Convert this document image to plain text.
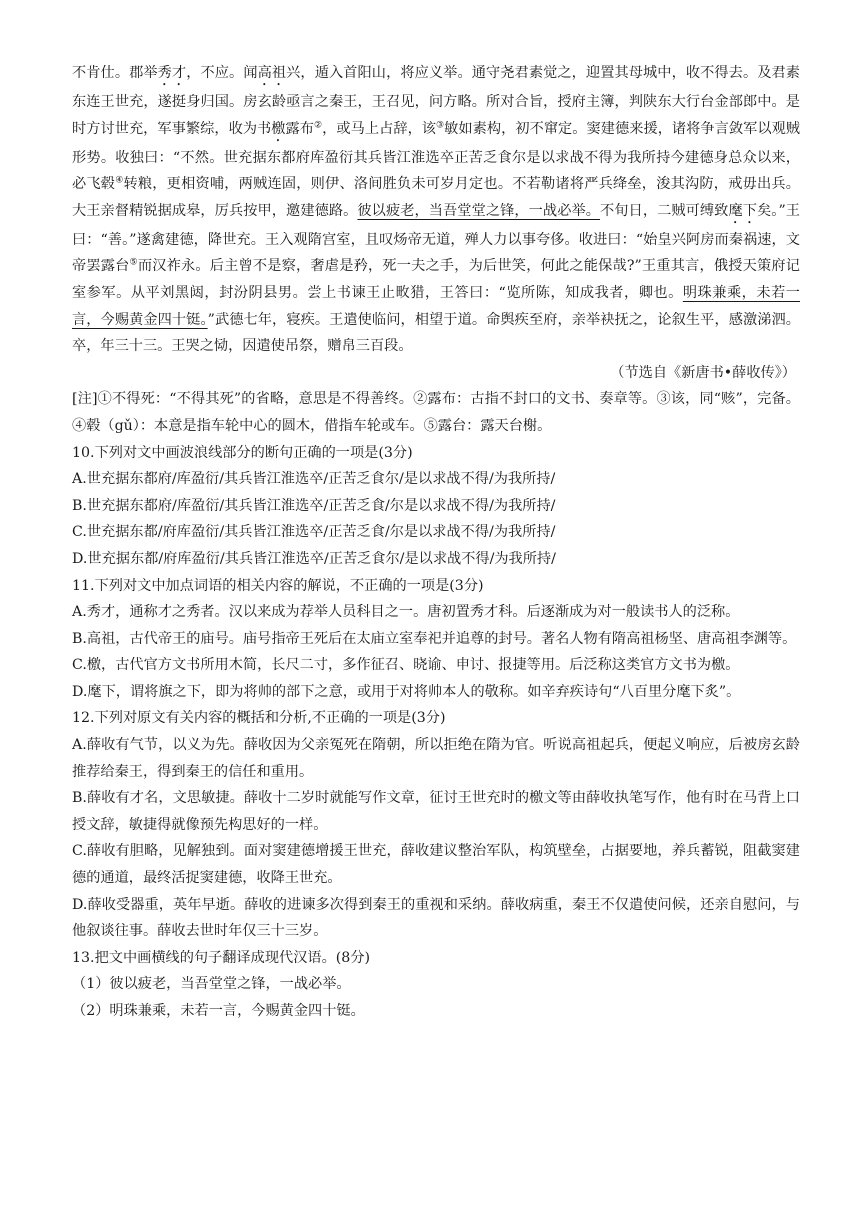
不肯仕。郡举秀才，不应。闻高祖兴，遁入首阳山，将应义举。通守尧君素觉之，迎置其母城中，收不得去。及君素东连王世充，遂挺身归国。房玄龄亟言之秦王，王召见，问方略。所对合旨，授府主簿，判陕东大行台金部郎中。是时方讨世充，军事繁综，收为书檄露布②，或马上占辞，该③敏如素构，初不窜定。窦建德来援，诸将争言敛军以观贼形势。收独曰：“不然。世充据东都府库盈衍其兵皆江淮选卒正苦乏食尔是以求战不得为我所持今建德身总众以来，必飞毂④转粮，更相资哺，两贼连固，则伊、洛间胜负未可岁月定也。不若勒诸将严兵绛垒，浚其沟防，戒毋出兵。大王亲督精锐据成皋，厉兵按甲，邀建德路。彼以疲老，当吾堂堂之锋，一战必举。不旬日，二贼可缚致麾下矣。”王曰：“善。”遂禽建德，降世充。王入观隋宫室，且叹炀帝无道，殚人力以事夸侈。收进曰：“始皇兴阿房而秦祸速，文帝罢露台⑤而汉祚永。后主曾不是察，奢虐是矜，死一夫之手，为后世笑，何此之能保哉?”王重其言，俄授天策府记室参军。从平刘黑闼，封汾阴县男。尝上书谏王止畋猎，王答曰：“览所陈，知成我者，卿也。明珠兼乘，未若一言，今赐黄金四十铤。”武德七年，寝疾。王遣使临问，相望于道。命舆疾至府，亲举袂抚之，论叙生平，感激涕泗。卒，年三十三。王哭之恸，因遣使吊祭，赠帛三百段。

（节选自《新唐书•薛收传》）

[注]①不得死：“不得其死”的省略，意思是不得善终。②露布：古指不封口的文书、奏章等。③该，同“赅”，完备。④毂（gǔ）：本意是指车轮中心的圆木，借指车轮或车。⑤露台：露天台榭。

10.下列对文中画波浪线部分的断句正确的一项是(3分)

A.世充据东都府/库盈衍/其兵皆江淮选卒/正苦乏食尔/是以求战不得/为我所持/

B.世充据东都府/库盈衍/其兵皆江淮选卒/正苦乏食/尔是以求战不得/为我所持/

C.世充据东都/府库盈衍/其兵皆江淮选卒/正苦乏食/尔是以求战不得/为我所持/

D.世充据东都/府库盈衍/其兵皆江淮选卒/正苦乏食尔/是以求战不得/为我所持/

11.下列对文中加点词语的相关内容的解说，不正确的一项是(3分)

A.秀才，通称才之秀者。汉以来成为荐举人员科目之一。唐初置秀才科。后逐渐成为对一般读书人的泛称。

B.高祖，古代帝王的庙号。庙号指帝王死后在太庙立室奉祀并追尊的封号。著名人物有隋高祖杨坚、唐高祖李渊等。

C.檄，古代官方文书所用木简，长尺二寸，多作征召、晓谕、申讨、报捷等用。后泛称这类官方文书为檄。

D.麾下，谓将旗之下，即为将帅的部下之意，或用于对将帅本人的敬称。如辛弃疾诗句“八百里分麾下炙”。

12.下列对原文有关内容的概括和分析,不正确的一项是(3分)

A.薛收有气节，以义为先。薛收因为父亲冤死在隋朝，所以拒绝在隋为官。听说高祖起兵，便起义响应，后被房玄龄推荐给秦王，得到秦王的信任和重用。

B.薛收有才名，文思敏捷。薛收十二岁时就能写作文章，征讨王世充时的檄文等由薛收执笔写作，他有时在马背上口授文辞，敏捷得就像预先构思好的一样。

C.薛收有胆略，见解独到。面对窦建德增援王世充，薛收建议整治军队，构筑壁垒，占据要地，养兵蓄锐，阻截窦建德的通道，最终活捉窦建德，收降王世充。

D.薛收受器重，英年早逝。薛收的进谏多次得到秦王的重视和采纳。薛收病重，秦王不仅遣使问候，还亲自慰问，与他叙谈往事。薛收去世时年仅三十三岁。

13.把文中画横线的句子翻译成现代汉语。(8分)

（1）彼以疲老，当吾堂堂之锋，一战必举。

（2）明珠兼乘，未若一言，今赐黄金四十铤。
